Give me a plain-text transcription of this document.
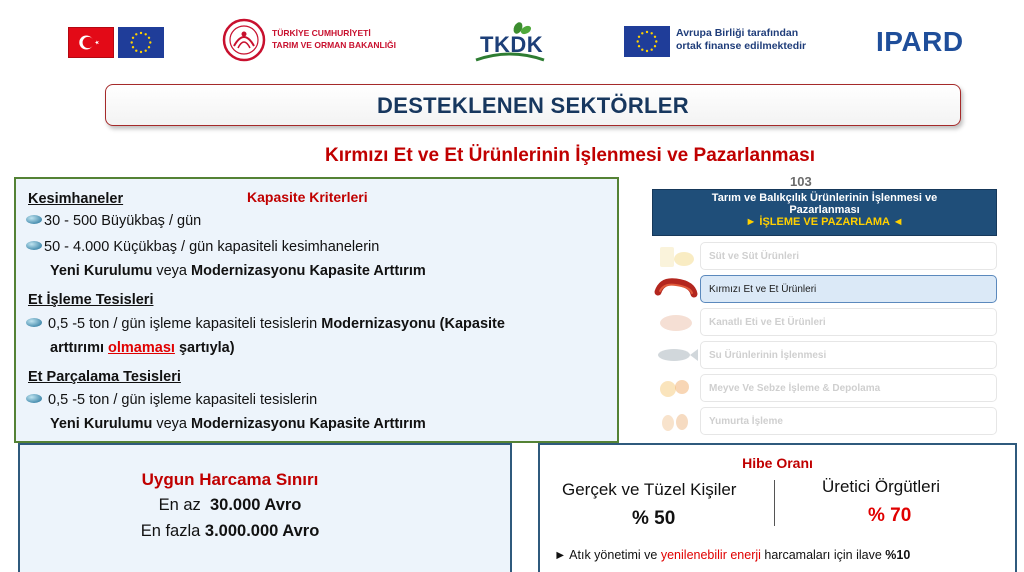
TÜRKİYE CUMHURİYETİ
TARIM VE ORMAN BAKANLIĞI	TKDK	Avrupa Birliği tarafından
ortak finanse edilmektedir IPARD
DESTEKLENEN SEKTÖRLER
Kırmızı Et ve Et Ürünlerinin İşlenmesi ve Pazarlanması
Kapasite Kriterleri
Kesimhaneler
30 - 500 Büyükbaş / gün
50 - 4.000 Küçükbaş / gün kapasiteli kesimhanelerin
Yeni Kurulumu veya Modernizasyonu Kapasite Arttırım
Et İşleme Tesisleri
0,5 -5 ton / gün işleme kapasiteli tesislerin Modernizasyonu (Kapasite
arttırımı olmaması şartıyla)
Et Parçalama Tesisleri
0,5 -5 ton / gün işleme kapasiteli tesislerin
Yeni Kurulumu veya Modernizasyonu Kapasite Arttırım
103
Tarım ve Balıkçılık Ürünlerinin İşlenmesi ve
Pazarlanması
► İŞLEME VE PAZARLAMA ◄
Süt ve Süt Ürünleri
Kırmızı Et ve Et Ürünleri
Kanatlı Eti ve Et Ürünleri
Su Ürünlerinin İşlenmesi
Meyve Ve Sebze İşleme & Depolama
Yumurta İşleme
Uygun Harcama Sınırı
En az  30.000 Avro
En fazla 3.000.000 Avro
Hibe Oranı
Gerçek ve Tüzel Kişiler	Üretici Örgütleri
% 50	% 70
► Atık yönetimi ve yenilenebilir enerji harcamaları için ilave %10
